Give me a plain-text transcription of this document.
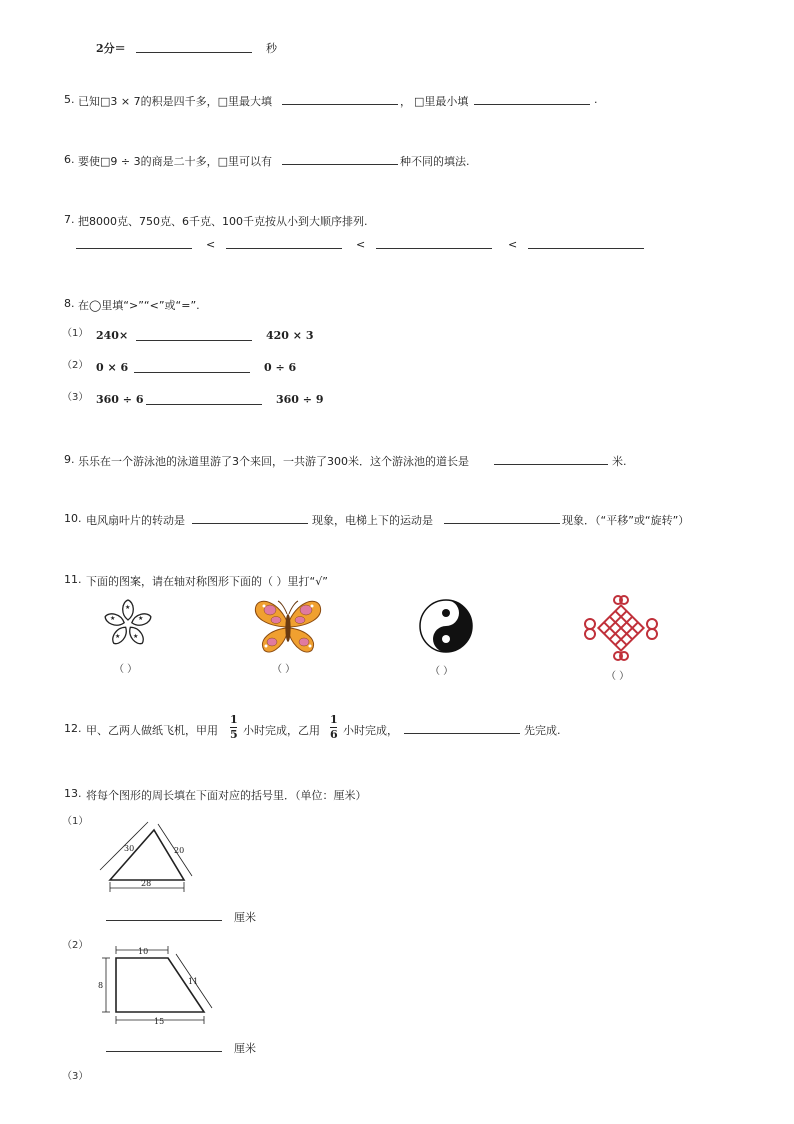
2分＝	秒
5. 已知□3 × 7的积是四千多，□里最大填	， □里最小填	.
6. 要使□9 ÷ 3的商是二十多，□里可以有	种不同的填法.
7. 把8000克、750克、6千克、100千克按从小到大顺序排列.
<	<	<
8. 在◯里填“>”“<”或“=”.
（1） 240×	420 × 3
（2） 0 × 6	0 ÷ 6
（3） 360 ÷ 6	360 ÷ 9
9. 乐乐在一个游泳池的泳道里游了3个来回，一共游了300米．这个游泳池的道长是	米.
10. 电风扇叶片的转动是	现象，电梯上下的运动是	现象．（“平移”或“旋转”）
11. 下面的图案，请在轴对称图形下面的（ ）里打“√”
★
★
★
★
★
（ ）	（ ）	（ ）	（ ）
12. 甲、乙两人做纸飞机，甲用
1
5 小时完成，乙用
1
6 小时完成，	先完成.
13. 将每个图形的周长填在下面对应的括号里．（单位：厘米）
（1）
30	20
28
厘米
（2）
10
8	11
15
厘米
（3）
